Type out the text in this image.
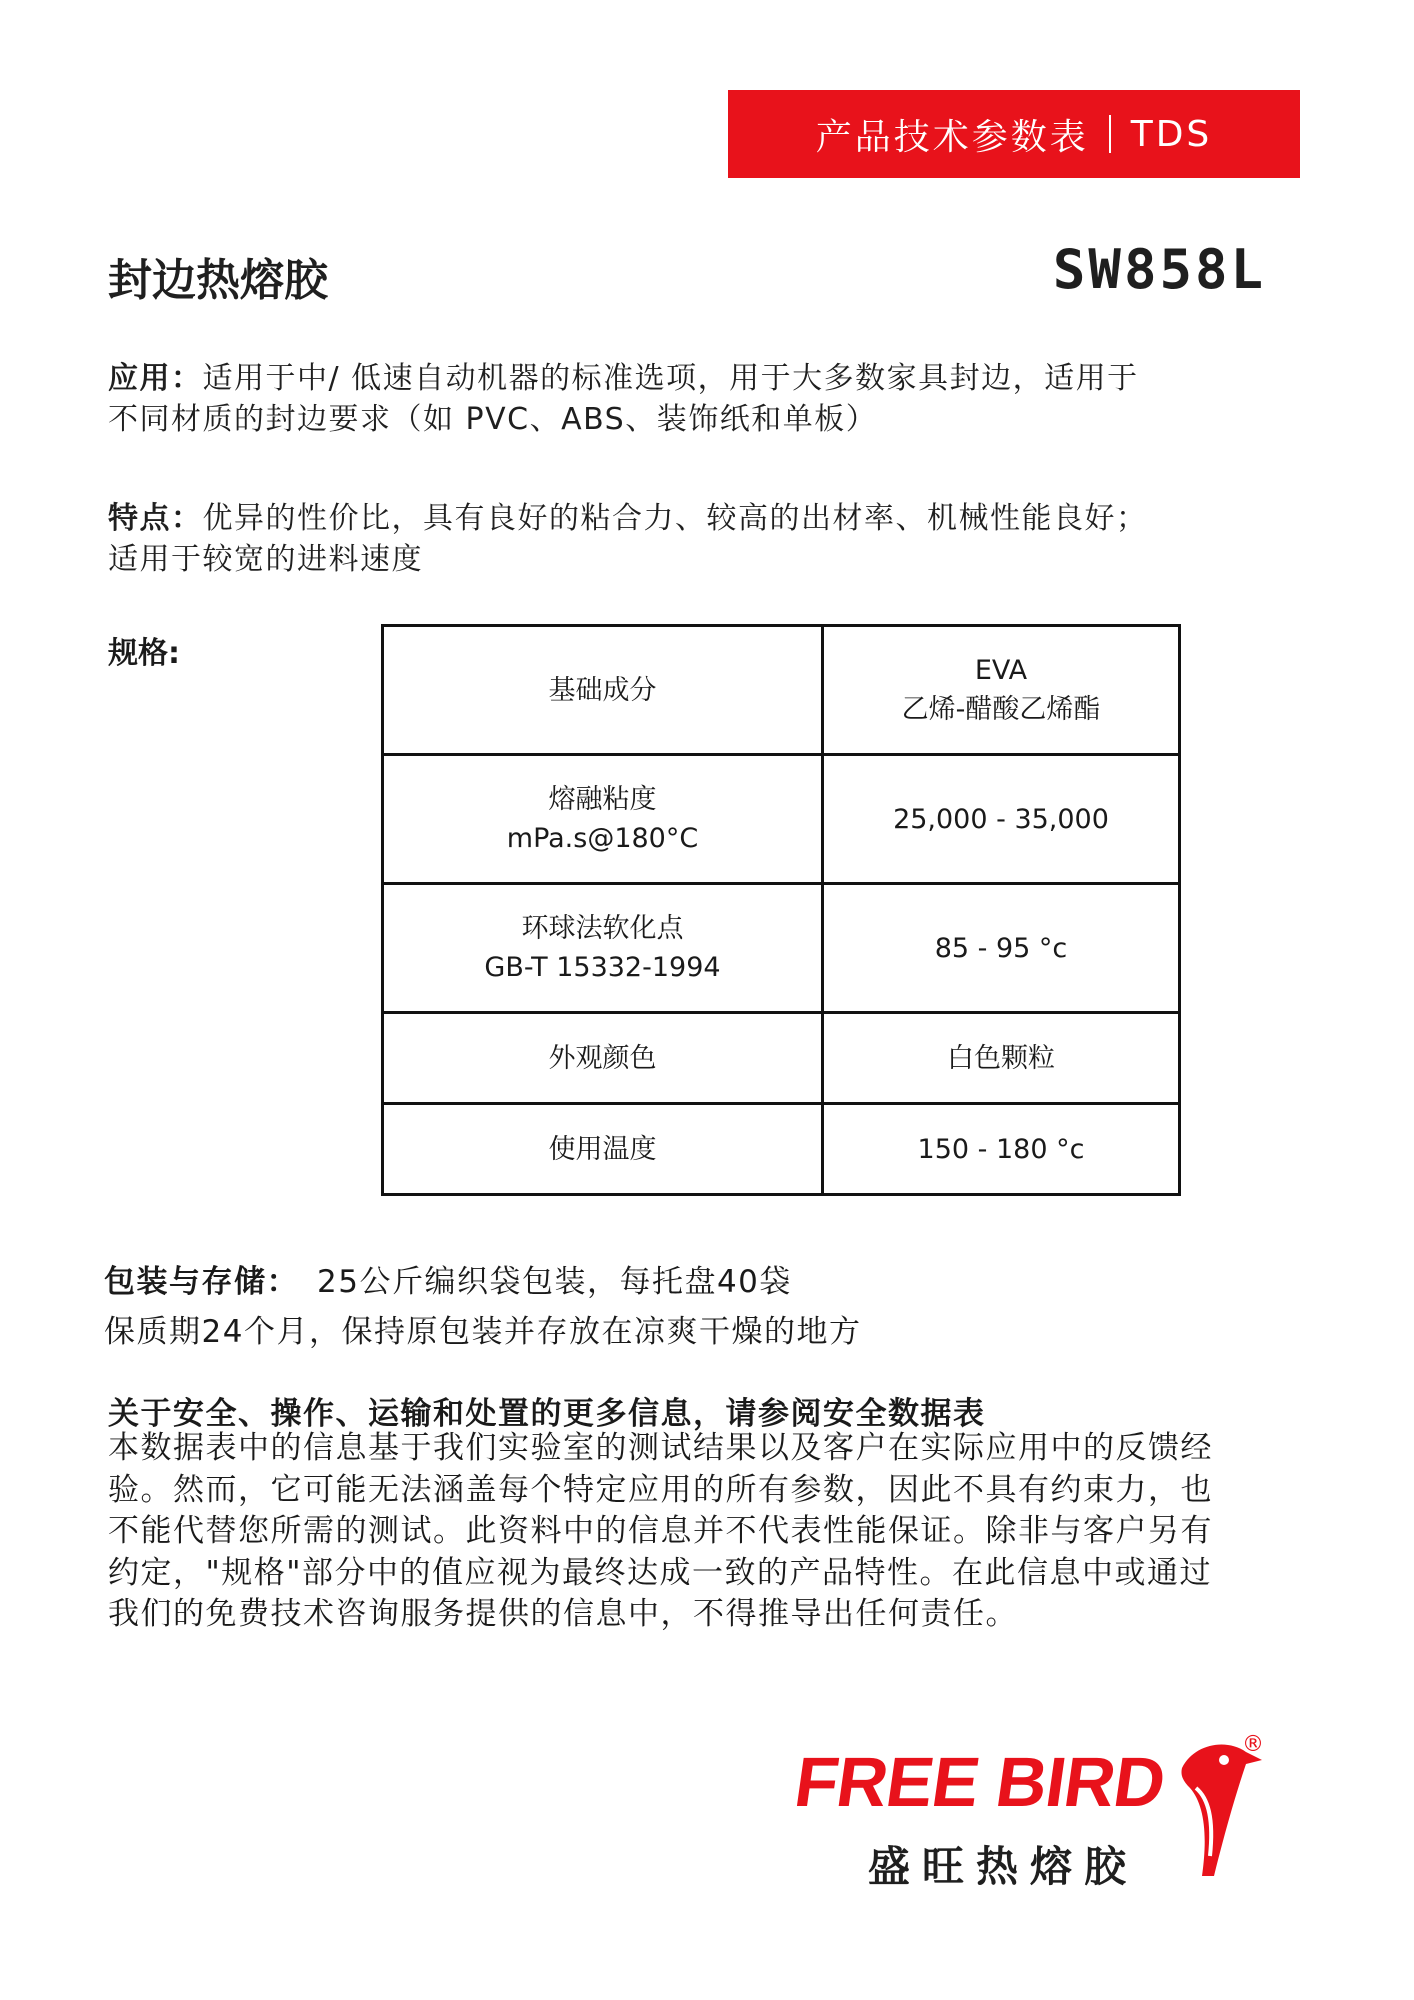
产品技术参数表 TDS
封边热熔胶	SW858L
应用：适用于中/ 低速自动机器的标准选项，用于大多数家具封边，适用于
不同材质的封边要求（如 PVC、ABS、装饰纸和单板）
特点：优异的性价比，具有良好的粘合力、较高的出材率、机械性能良好；
适用于较宽的进料速度
规格:
基础成分	EVA
乙烯-醋酸乙烯酯

熔融粘度
mPa.s@180°C	25,000 - 35,000

环球法软化点
GB-T 15332-1994	85 - 95 °c

外观颜色	白色颗粒

使用温度	150 - 180 °c
包装与存储： 25公斤编织袋包装，每托盘40袋
保质期24个月，保持原包装并存放在凉爽干燥的地方
关于安全、操作、运输和处置的更多信息，请参阅安全数据表
本数据表中的信息基于我们实验室的测试结果以及客户在实际应用中的反馈经
验。然而，它可能无法涵盖每个特定应用的所有参数，因此不具有约束力，也
不能代替您所需的测试。此资料中的信息并不代表性能保证。除非与客户另有
约定，"规格"部分中的值应视为最终达成一致的产品特性。在此信息中或通过
我们的免费技术咨询服务提供的信息中，不得推导出任何责任。
FREE BIRD
盛旺热熔胶
®
